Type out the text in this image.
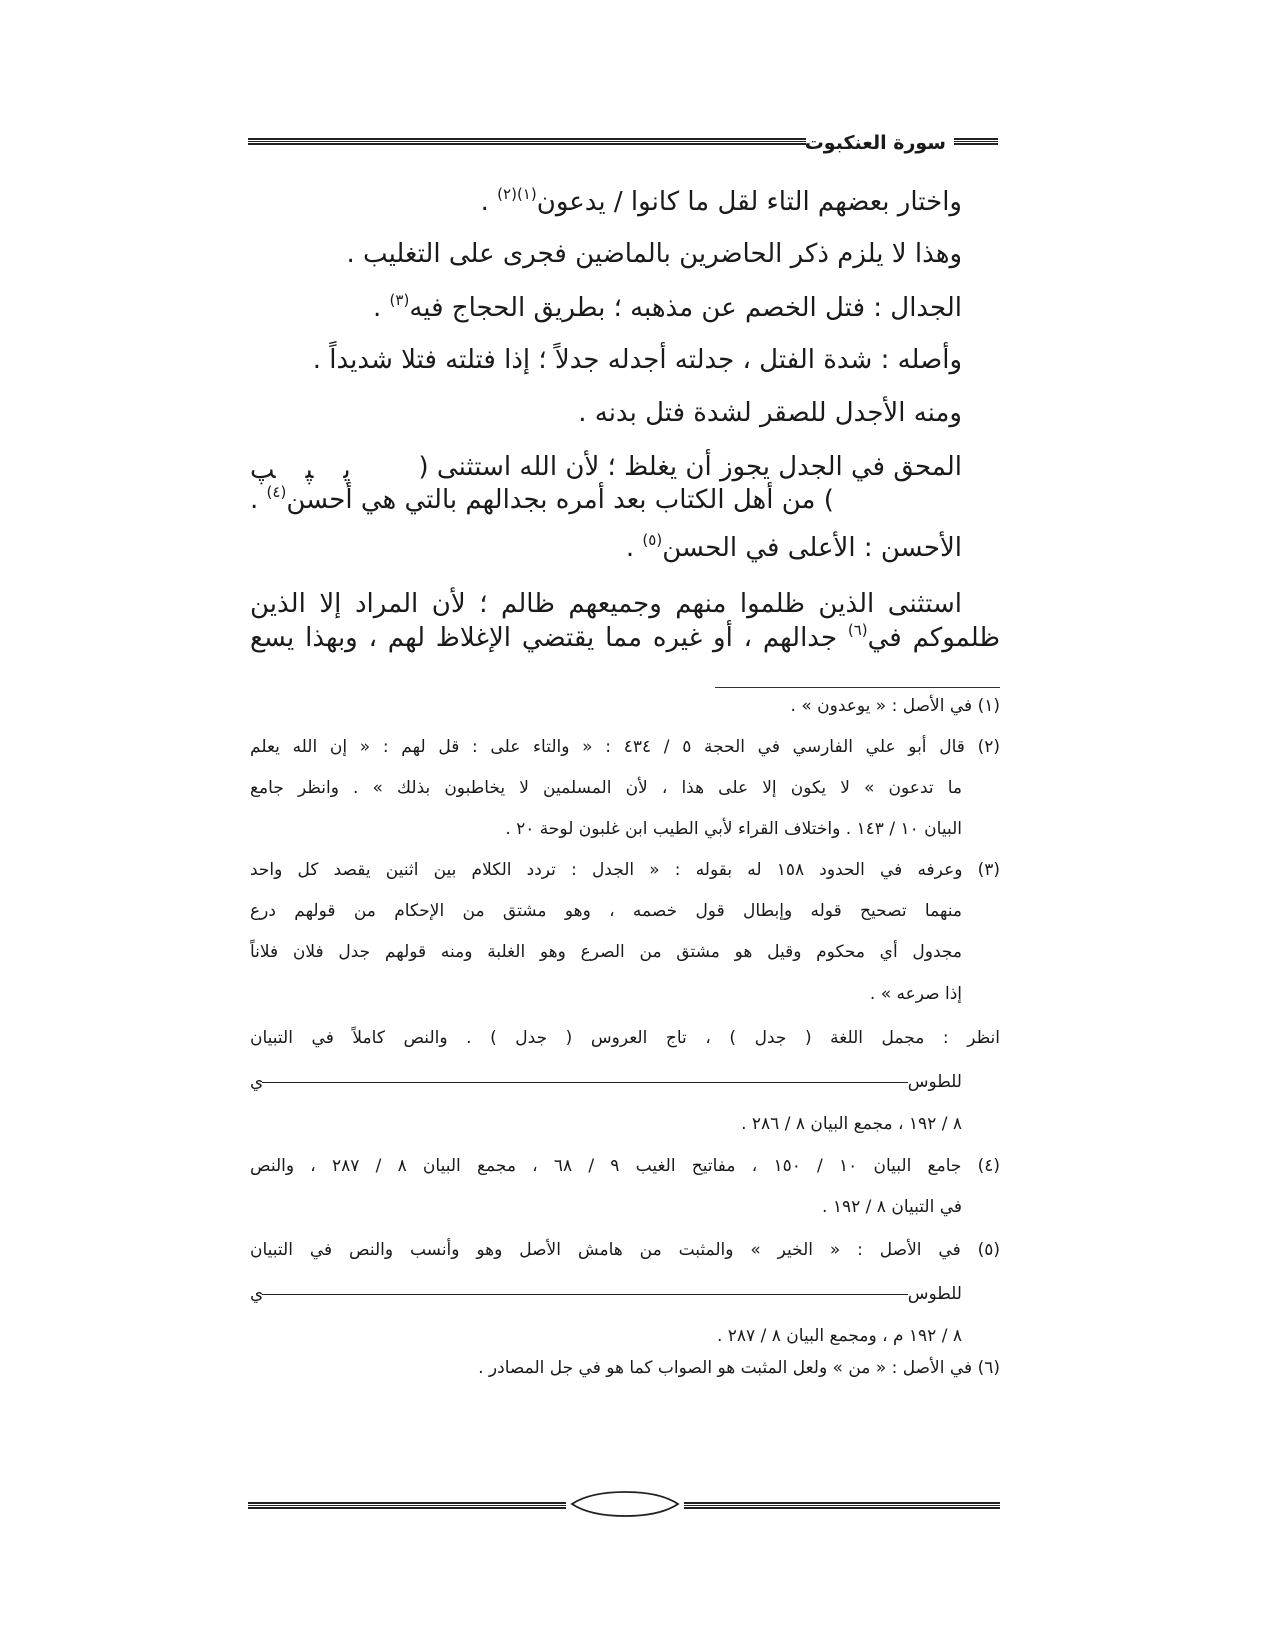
سورة العنكبوت
واختار بعضهم التاء لقل ما كانوا / يدعون$^{(١)(٢)}$ .
وهذا لا يلزم ذكر الحاضرين بالماضين فجرى على التغليب .
الجدال : فتل الخصم عن مذهبه ؛ بطريق الحجاج فيه$^{(٣)}$ .
وأصله : شدة الفتل ، جدلته أجدله جدلاً ؛ إذا فتلته فتلا شديداً .
ومنه الأجدل للصقر لشدة فتل بدنه .
المحق في الجدل يجوز أن يغلظ ؛ لأن الله استثنى (
پپپ
) من أهل الكتاب بعد أمره بجدالهم بالتي هي أحسن$^{(٤)}$ .
الأحسن : الأعلى في الحسن$^{(٥)}$ .
استثنى الذين ظلموا منهم وجميعهم ظالم ؛ لأن المراد إلا الذين
ظلموكم في$^{(٦)}$ جدالهم ، أو غيره مما يقتضي الإغلاظ لهم ، وبهذا يسع
(١) في الأصل : « يوعدون » .
(٢) قال أبو علي الفارسي في الحجة ٥ / ٤٣٤ : « والتاء على : قل لهم : « إن الله يعلم
ما تدعون » لا يكون إلا على هذا ، لأن المسلمين لا يخاطبون بذلك » . وانظر جامع
البيان ١٠ / ١٤٣ . واختلاف القراء لأبي الطيب ابن غلبون لوحة ٢٠ .
(٣) وعرفه في الحدود ١٥٨ له بقوله : « الجدل : تردد الكلام بين اثنين يقصد كل واحد
منهما تصحيح قوله وإبطال قول خصمه ، وهو مشتق من الإحكام من قولهم درع
مجدول أي محكوم وقيل هو مشتق من الصرع وهو الغلبة ومنه قولهم جدل فلان فلاناً
إذا صرعه » .
انظر : مجمل اللغة ( جدل ) ، تاج العروس ( جدل ) . والنص كاملاً في التبيان
للطوس
ي
٨ / ١٩٢ ، مجمع البيان ٨ / ٢٨٦ .
(٤) جامع البيان ١٠ / ١٥٠ ، مفاتيح الغيب ٩ / ٦٨ ، مجمع البيان ٨ / ٢٨٧ ، والنص
في التبيان ٨ / ١٩٢ .
(٥) في الأصل : « الخير » والمثبت من هامش الأصل وهو وأنسب والنص في التبيان
للطوس
ي
٨ / ١٩٢ م ، ومجمع البيان ٨ / ٢٨٧ .
(٦) في الأصل : « من » ولعل المثبت هو الصواب كما هو في جل المصادر .
